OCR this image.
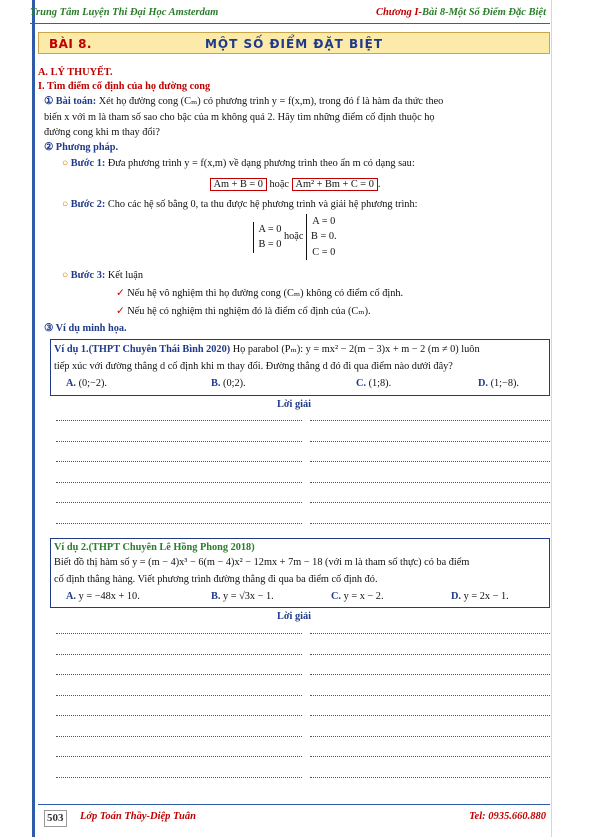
Trung Tâm Luyện Thi Đại Học Amsterdam	Chương I-Bài 8-Một Số Điểm Đặc Biệt
BÀI 8.	MỘT SỐ ĐIỂM ĐẶT BIỆT
A. LÝ THUYẾT.
I. Tìm điểm cố định của họ đường cong
① Bài toán: Xét họ đường cong (Cₘ) có phương trình y = f(x,m), trong đó f là hàm đa thức theo
biến x với m là tham số sao cho bậc của m không quá 2. Hãy tìm những điểm cố định thuộc họ
đường cong khi m thay đổi?
② Phương pháp.
○ Bước 1: Đưa phương trình y = f(x,m) về dạng phương trình theo ẩn m có dạng sau:
Am + B = 0 hoặc Am² + Bm + C = 0 .
○ Bước 2: Cho các hệ số bằng 0, ta thu được hệ phương trình và giải hệ phương trình:
A = 0
B = 0 hoặc A = 0
B = 0.
C = 0
○ Bước 3: Kết luận
✓ Nếu hệ vô nghiệm thì họ đường cong (Cₘ) không có điểm cố định.
✓ Nếu hệ có nghiệm thì nghiệm đó là điểm cố định của (Cₘ).
③ Ví dụ minh họa.
Ví dụ 1.(THPT Chuyên Thái Bình 2020) Họ parabol (Pₘ): y = mx² − 2(m − 3)x + m − 2 (m ≠ 0) luôn
tiếp xúc với đường thẳng d cố định khi m thay đổi. Đường thẳng d đó đi qua điểm nào dưới đây?
A. (0;−2).	B. (0;2).	C. (1;8).	D. (1;−8).
Lời giải
Ví dụ 2.(THPT Chuyên Lê Hồng Phong 2018)
Biết đồ thị hàm số y = (m − 4)x³ − 6(m − 4)x² − 12mx + 7m − 18 (với m là tham số thực) có ba điểm
cố định thẳng hàng. Viết phương trình đường thẳng đi qua ba điểm cố định đó.
A. y = −48x + 10.	B. y = √3x − 1.	C. y = x − 2.	D. y = 2x − 1.
Lời giải
503 Lớp Toán Thầy-Diệp Tuân	Tel: 0935.660.880
